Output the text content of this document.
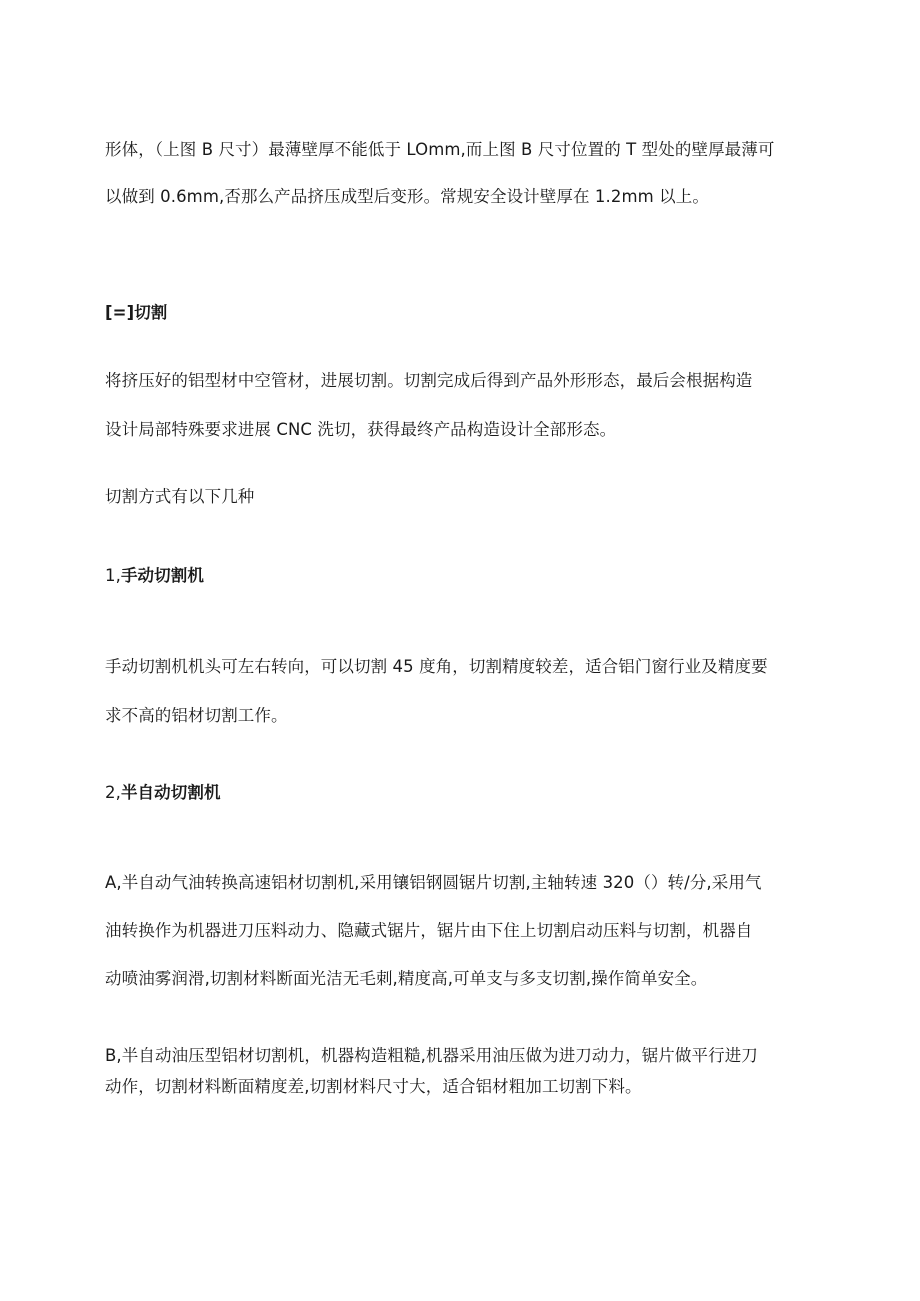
形体，（上图 B 尺寸）最薄壁厚不能低于 LOmm,而上图 B 尺寸位置的 T 型处的壁厚最薄可

以做到 0.6mm,否那么产品挤压成型后变形。常规安全设计壁厚在 1.2mm 以上。

[=]切割

将挤压好的铝型材中空管材，进展切割。切割完成后得到产品外形形态，最后会根据构造

设计局部特殊要求进展 CNC 洗切，获得最终产品构造设计全部形态。

切割方式有以下几种

1,手动切割机

手动切割机机头可左右转向，可以切割 45 度角，切割精度较差，适合铝门窗行业及精度要

求不高的铝材切割工作。

2,半自动切割机

A,半自动气油转换高速铝材切割机,采用镶铝钢圆锯片切割,主轴转速 320（）转/分,采用气

油转换作为机器进刀压料动力、隐藏式锯片，锯片由下住上切割启动压料与切割，机器自

动喷油雾润滑,切割材料断面光洁无毛刺,精度高,可单支与多支切割,操作简单安全。

B,半自动油压型铝材切割机，机器构造粗糙,机器采用油压做为进刀动力，锯片做平行进刀

动作，切割材料断面精度差,切割材料尺寸大，适合铝材粗加工切割下料。
